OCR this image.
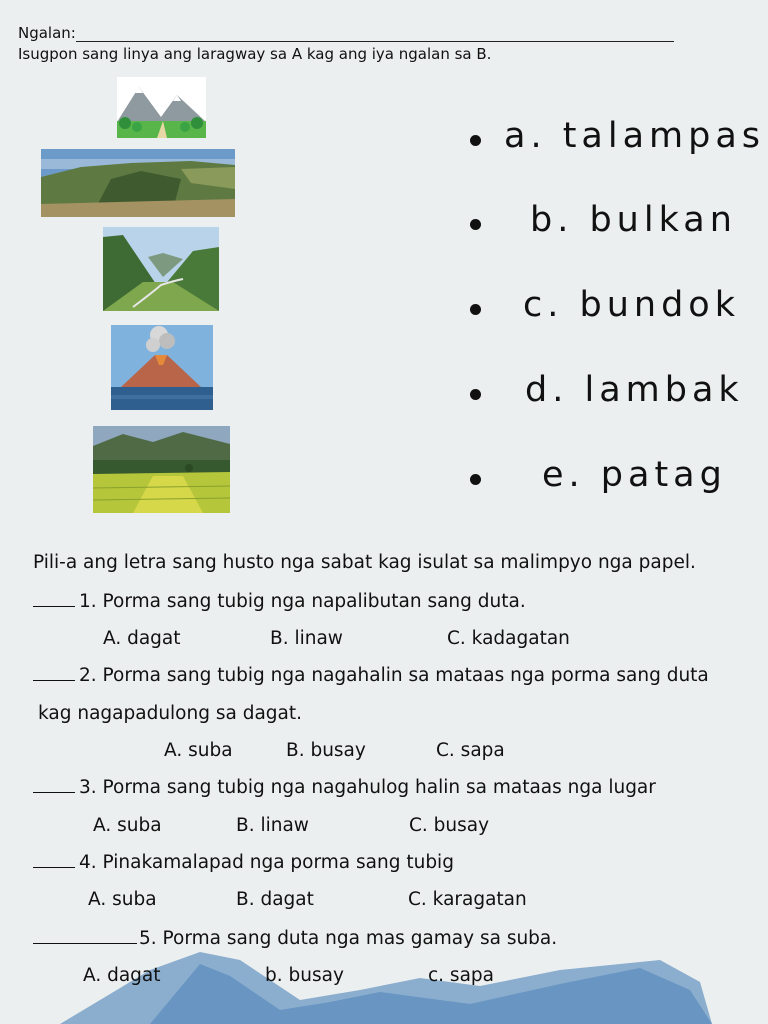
Ngalan:
Isugpon sang linya ang laragway sa A kag ang iya ngalan sa B.
a. talampas
b. bulkan
c. bundok
d. lambak
e. patag
Pili-a ang letra sang husto nga sabat kag isulat sa malimpyo nga papel.
1. Porma sang tubig nga napalibutan sang duta.
A. dagat	B. linaw	C. kadagatan
2. Porma sang tubig nga nagahalin sa mataas nga porma sang duta
kag nagapadulong sa dagat.
A. suba	B. busay	C. sapa
3. Porma sang tubig nga nagahulog halin sa mataas nga lugar
A. suba	B. linaw	C. busay
4. Pinakamalapad nga porma sang tubig
A. suba	B. dagat	C. karagatan
5. Porma sang duta nga mas gamay sa suba.
A. dagat	b. busay	c. sapa
